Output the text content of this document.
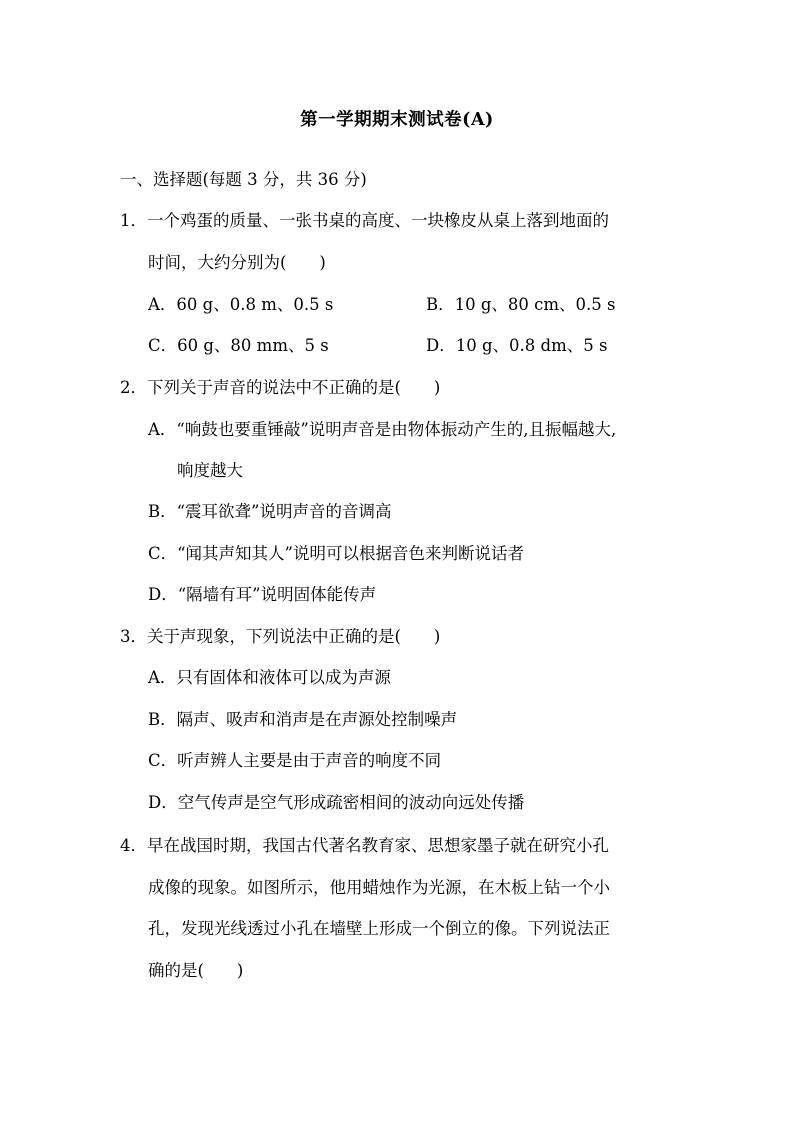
第一学期期末测试卷(A)
一、选择题(每题 3 分，共 36 分)
1．一个鸡蛋的质量、一张书桌的高度、一块橡皮从桌上落到地面的
时间，大约分别为(　　)
A．60 g、0.8 m、0.5 s	B．10 g、80 cm、0.5 s
C．60 g、80 mm、5 s	D．10 g、0.8 dm、5 s
2．下列关于声音的说法中不正确的是(　　)
A．“响鼓也要重锤敲”说明声音是由物体振动产生的,且振幅越大,
响度越大
B．“震耳欲聋”说明声音的音调高
C．“闻其声知其人”说明可以根据音色来判断说话者
D．“隔墙有耳”说明固体能传声
3．关于声现象，下列说法中正确的是(　　)
A．只有固体和液体可以成为声源
B．隔声、吸声和消声是在声源处控制噪声
C．听声辨人主要是由于声音的响度不同
D．空气传声是空气形成疏密相间的波动向远处传播
4．早在战国时期，我国古代著名教育家、思想家墨子就在研究小孔
成像的现象。如图所示，他用蜡烛作为光源，在木板上钻一个小
孔，发现光线透过小孔在墙壁上形成一个倒立的像。下列说法正
确的是(　　)
